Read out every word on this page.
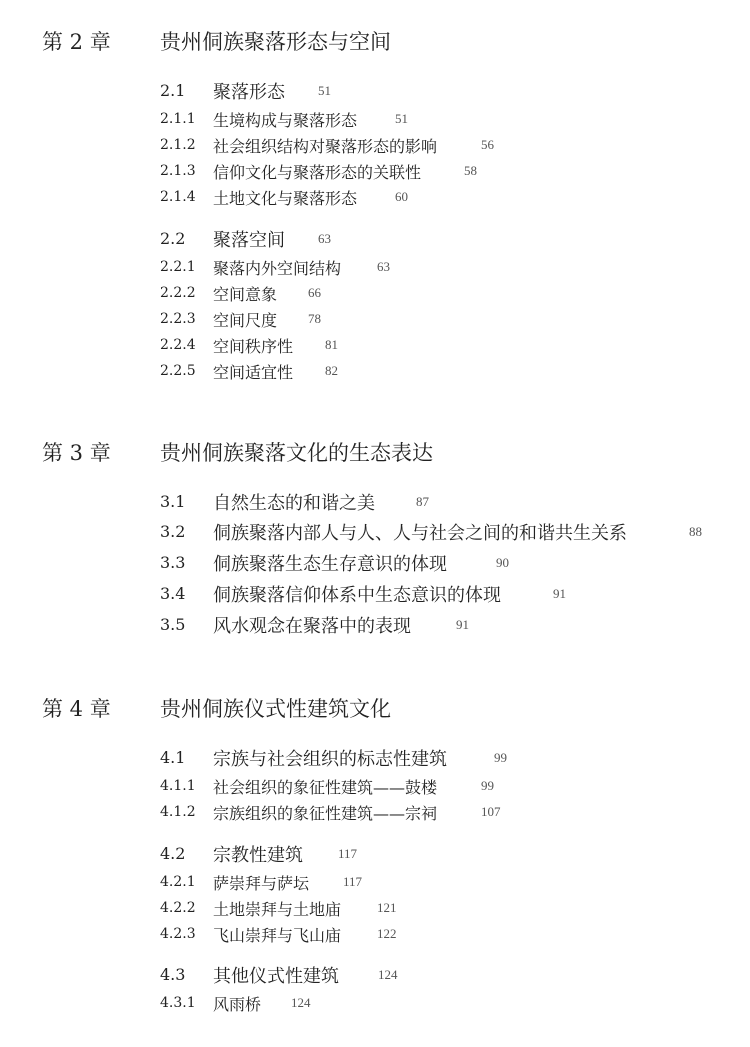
第 2 章 贵州侗族聚落形态与空间
2.1 聚落形态	51
2.1.1 生境构成与聚落形态	51
2.1.2 社会组织结构对聚落形态的影响	56
2.1.3 信仰文化与聚落形态的关联性	58
2.1.4 土地文化与聚落形态	60
2.2 聚落空间	63
2.2.1 聚落内外空间结构	63
2.2.2 空间意象 66
2.2.3 空间尺度 78
2.2.4 空间秩序性 81
2.2.5 空间适宜性 82
第 3 章 贵州侗族聚落文化的生态表达
3.1 自然生态的和谐之美	87
3.2 侗族聚落内部人与人、人与社会之间的和谐共生关系	88
3.3 侗族聚落生态生存意识的体现	90
3.4 侗族聚落信仰体系中生态意识的体现	91
3.5 风水观念在聚落中的表现	91
第 4 章 贵州侗族仪式性建筑文化
4.1 宗族与社会组织的标志性建筑	99
4.1.1 社会组织的象征性建筑——鼓楼	99
4.1.2 宗族组织的象征性建筑——宗祠	107
4.2 宗教性建筑	117
4.2.1 萨崇拜与萨坛	117
4.2.2 土地崇拜与土地庙	121
4.2.3 飞山崇拜与飞山庙	122
4.3 其他仪式性建筑	124
4.3.1 风雨桥 124
